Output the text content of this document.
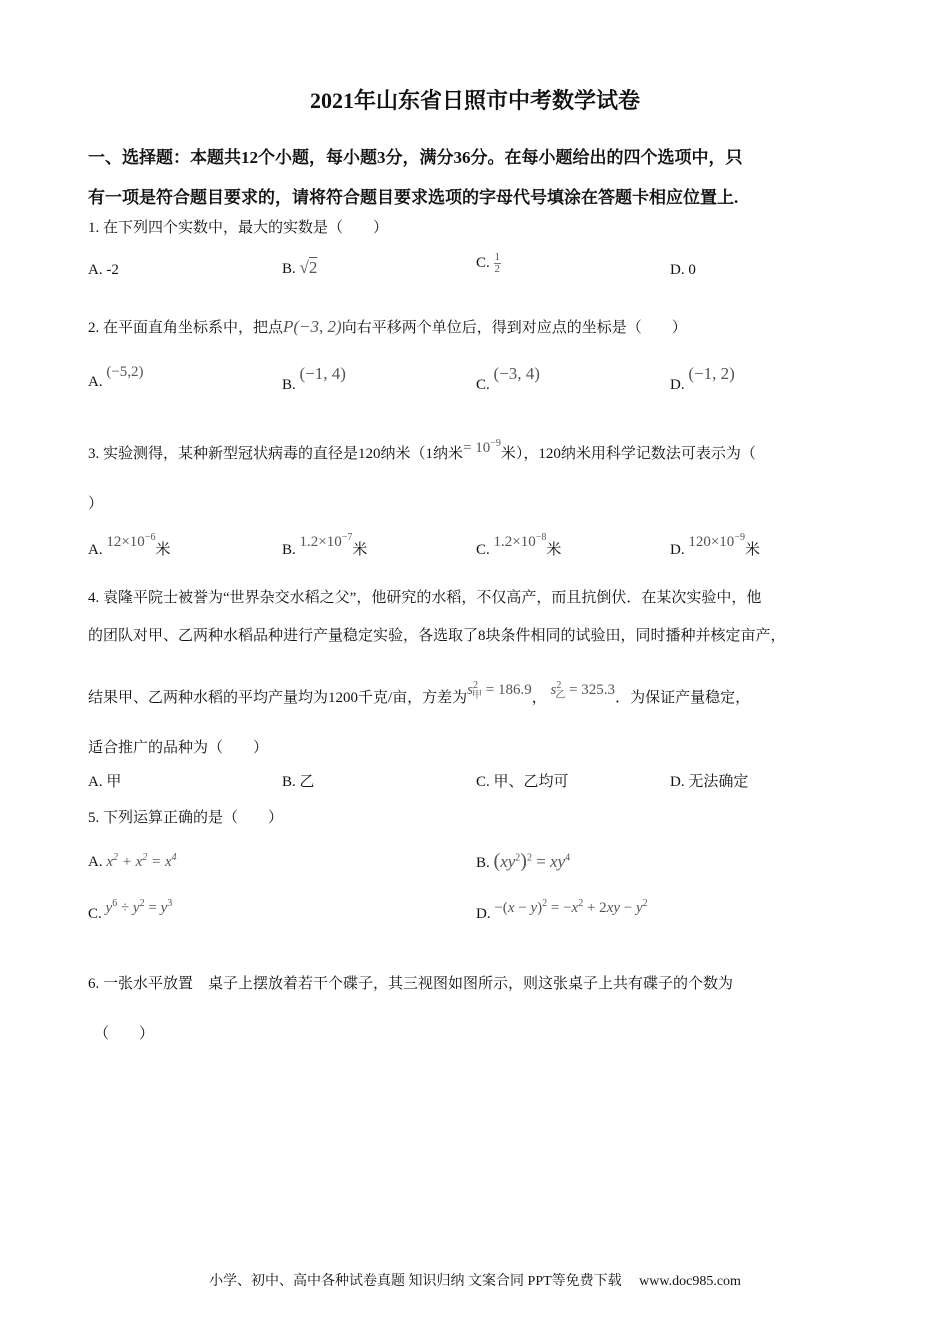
2021年山东省日照市中考数学试卷
一、选择题：本题共12个小题，每小题3分，满分36分。在每小题给出的四个选项中，只
有一项是符合题目要求的，请将符合题目要求选项的字母代号填涂在答题卡相应位置上.
1. 在下列四个实数中，最大的实数是（　　）
A. -2	B. √2	C. $\frac{1}{2}$	D. 0
2. 在平面直角坐标系中，把点P(−3, 2)向右平移两个单位后，得到对应点的坐标是（　　）
A. (−5,2)
B. (−1, 4)
C. (−3, 4)
D. (−1, 2)
3. 实验测得，某种新型冠状病毒的直径是120纳米（1纳米= $10^{-9}$米），120纳米用科学记数法可表示为（
）
A. $12\times 10^{-6}$米	B. $1.2\times 10^{-7}$米	C. $1.2\times 10^{-8}$米	D. $120\times 10^{-9}$米
4. 袁隆平院士被誉为“世界杂交水稻之父”，他研究的水稻，不仅高产，而且抗倒伏．在某次实验中，他
的团队对甲、乙两种水稻品种进行产量稳定实验，各选取了8块条件相同的试验田，同时播种并核定亩产，
结果甲、乙两种水稻的平均产量均为1200千克/亩，方差为$s^2_甲 = 186.9$， $s^2_乙 = 325.3$．为保证产量稳定，
适合推广的品种为（　　）
A. 甲	B. 乙	C. 甲、乙均可	D. 无法确定
5. 下列运算正确的是（　　）
A. $x^2 + x^2 = x^4$	B. $(xy^2)^2 = xy^4$
C. $y^6 \div y^2 = y^3$
D. $-(x - y)^2 = -x^2 + 2xy - y^2$
6. 一张水平放置　桌子上摆放着若干个碟子，其三视图如图所示，则这张桌子上共有碟子的个数为
（　　）
小学、初中、高中各种试卷真题 知识归纳 文案合同 PPT等免费下载　 www.doc985.com
